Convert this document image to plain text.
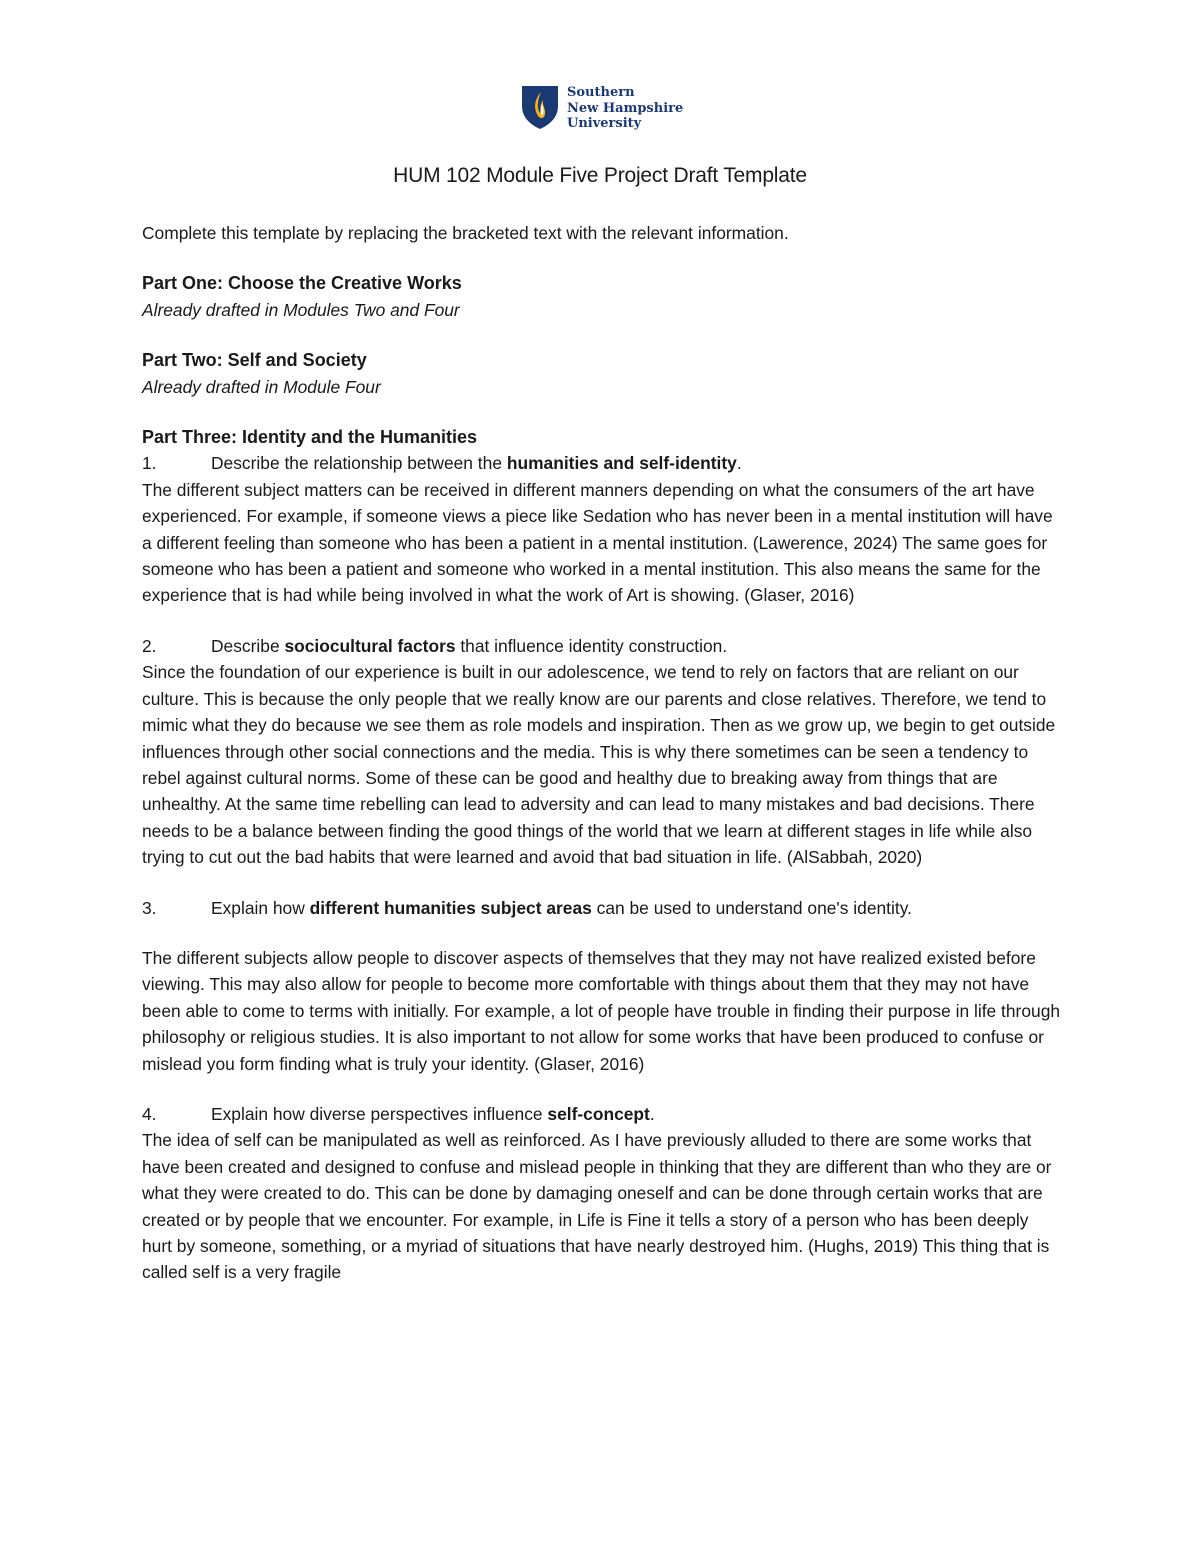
Southern
New Hampshire
University
HUM 102 Module Five Project Draft Template

Complete this template by replacing the bracketed text with the relevant information.

Part One: Choose the Creative Works

Already drafted in Modules Two and Four

Part Two: Self and Society

Already drafted in Module Four

Part Three: Identity and the Humanities

1.	Describe the relationship between the humanities and self-identity.

The different subject matters can be received in different manners depending on what the consumers of the art have experienced. For example, if someone views a piece like Sedation who has never been in a mental institution will have a different feeling than someone who has been a patient in a mental institution. (Lawerence, 2024) The same goes for someone who has been a patient and someone who worked in a mental institution. This also means the same for the experience that is had while being involved in what the work of Art is showing. (Glaser, 2016)

2.	Describe sociocultural factors that influence identity construction.

Since the foundation of our experience is built in our adolescence, we tend to rely on factors that are reliant on our culture. This is because the only people that we really know are our parents and close relatives. Therefore, we tend to mimic what they do because we see them as role models and inspiration. Then as we grow up, we begin to get outside influences through other social connections and the media. This is why there sometimes can be seen a tendency to rebel against cultural norms. Some of these can be good and healthy due to breaking away from things that are unhealthy. At the same time rebelling can lead to adversity and can lead to many mistakes and bad decisions. There needs to be a balance between finding the good things of the world that we learn at different stages in life while also trying to cut out the bad habits that were learned and avoid that bad situation in life. (AlSabbah, 2020)

3.	Explain how different humanities subject areas can be used to understand one's identity.

The different subjects allow people to discover aspects of themselves that they may not have realized existed before viewing. This may also allow for people to become more comfortable with things about them that they may not have been able to come to terms with initially. For example, a lot of people have trouble in finding their purpose in life through philosophy or religious studies. It is also important to not allow for some works that have been produced to confuse or mislead you form finding what is truly your identity. (Glaser, 2016)

4.	Explain how diverse perspectives influence self-concept.

The idea of self can be manipulated as well as reinforced. As I have previously alluded to there are some works that have been created and designed to confuse and mislead people in thinking that they are different than who they are or what they were created to do. This can be done by damaging oneself and can be done through certain works that are created or by people that we encounter. For example, in Life is Fine it tells a story of a person who has been deeply hurt by someone, something, or a myriad of situations that have nearly destroyed him. (Hughs, 2019) This thing that is called self is a very fragile
